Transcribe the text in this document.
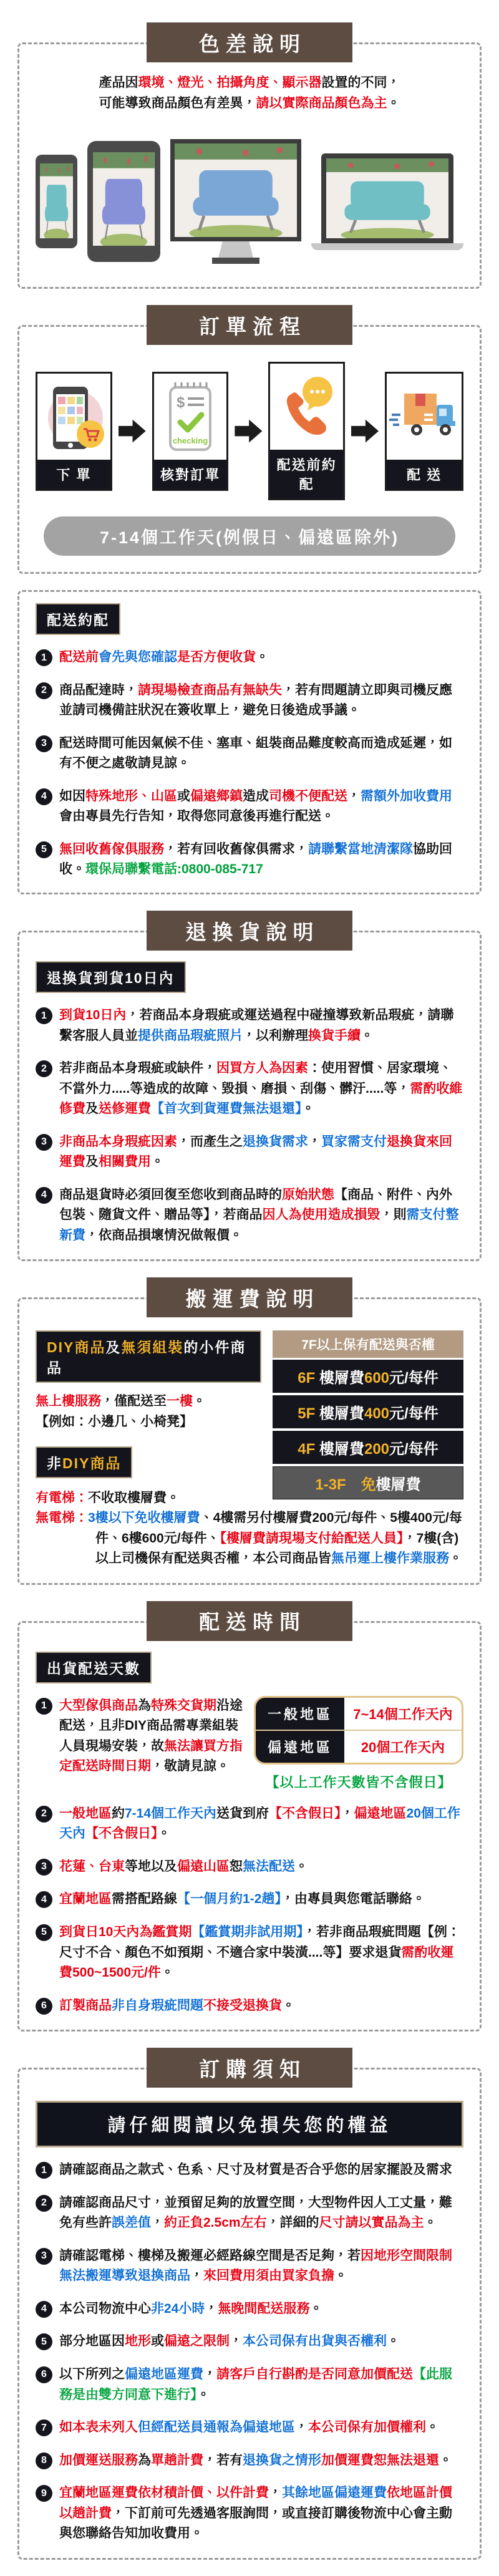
色差說明

產品因環境、燈光、拍攝角度、顯示器設置的不同，

可能導致商品顏色有差異，請以實際商品顏色為主。

訂單流程
下 單
$
checking
核對訂單
配送前約配
配 送
7-14個工作天(例假日、偏遠區除外)
配送約配
1 配送前會先與您確認是否方便收貨。

2 商品配達時，請現場檢查商品有無缺失，若有問題請立即與司機反應並請司機備註狀況在簽收單上，避免日後造成爭議。

3 配送時間可能因氣候不佳、塞車、組裝商品難度較高而造成延遲，如有不便之處敬請見諒。

4 如因特殊地形、山區或偏遠鄉鎮造成司機不便配送，需額外加收費用會由專員先行告知，取得您同意後再進行配送。

5 無回收舊傢俱服務，若有回收舊傢俱需求，請聯繫當地清潔隊協助回收。環保局聯繫電話:0800-085-717

退換貨說明
退換貨到貨10日內
1 到貨10日內，若商品本身瑕疵或運送過程中碰撞導致新品瑕疵，請聯繫客服人員並提供商品瑕疵照片，以利辦理換貨手續。

2 若非商品本身瑕疵或缺件，因買方人為因素：使用習慣、居家環境、不當外力.....等造成的故障、毀損、磨損、刮傷、髒汙.....等，需酌收維修費及送修運費【首次到貨運費無法退還】。

3 非商品本身瑕疵因素，而產生之退換貨需求，買家需支付退換貨來回運費及相關費用。

4 商品退貨時必須回復至您收到商品時的原始狀態【商品、附件、內外包裝、隨貨文件、贈品等】，若商品因人為使用造成損毀，則需支付整新費，依商品損壞情況做報價。

搬運費說明
DIY商品及無須組裝的小件商品

無上樓服務，僅配送至一樓。

【例如：小邊几、小椅凳】

非DIY商品

有電梯：不收取樓層費。

7F以上保有配送與否權
6F 樓層費600元/每件
5F 樓層費400元/每件
4F 樓層費200元/每件
1-3F　免樓層費

無電梯：3樓以下免收樓層費、4樓需另付樓層費200元/每件、5樓400元/每件、6樓600元/每件、【樓層費請現場支付給配送人員】，7樓(含)以上司機保有配送與否權，本公司商品皆無吊運上樓作業服務。

配送時間
出貨配送天數
1 大型傢俱商品為特殊交貨期沿途配送，且非DIY商品需專業組裝人員現場安裝，故無法讓買方指定配送時間日期，敬請見諒。

一般地區	7~14個工作天內
偏遠地區	20個工作天內
【以上工作天數皆不含假日】
2 一般地區約7-14個工作天內送貨到府【不含假日】，偏遠地區20個工作天內【不含假日】。

3 花蓮、台東等地以及偏遠山區恕無法配送。

4 宜蘭地區需搭配路線【一個月約1-2趟】，由專員與您電話聯絡。

5 到貨日10天內為鑑賞期【鑑賞期非試用期】，若非商品瑕疵問題【例：尺寸不合、顏色不如預期、不適合家中裝潢....等】要求退貨需酌收運費500~1500元/件。

6 訂製商品非自身瑕疵問題不接受退換貨。

訂購須知
請仔細閱讀以免損失您的權益
1 請確認商品之款式、色系、尺寸及材質是否合乎您的居家擺設及需求

2 請確認商品尺寸，並預留足夠的放置空間，大型物件因人工丈量，難免有些許誤差值，約正負2.5cm左右，詳細的尺寸請以實品為主。

3 請確認電梯、樓梯及搬運必經路線空間是否足夠，若因地形空間限制無法搬運導致退換商品，來回費用須由買家負擔。

4 本公司物流中心非24小時，無晚間配送服務。

5 部分地區因地形或偏遠之限制，本公司保有出貨與否權利。

6 以下所列之偏遠地區運費，請客戶自行斟酌是否同意加價配送【此服務是由雙方同意下進行】。

7 如本表未列入但經配送員通報為偏遠地區，本公司保有加價權利。

8 加價運送服務為單趟計費，若有退換貨之情形加價運費恕無法退還。

9 宜蘭地區運費依材積計價、以件計費，其餘地區偏遠運費依地區計價以趟計費，下訂前可先透過客服詢問，或直接訂購後物流中心會主動與您聯絡告知加收費用。
